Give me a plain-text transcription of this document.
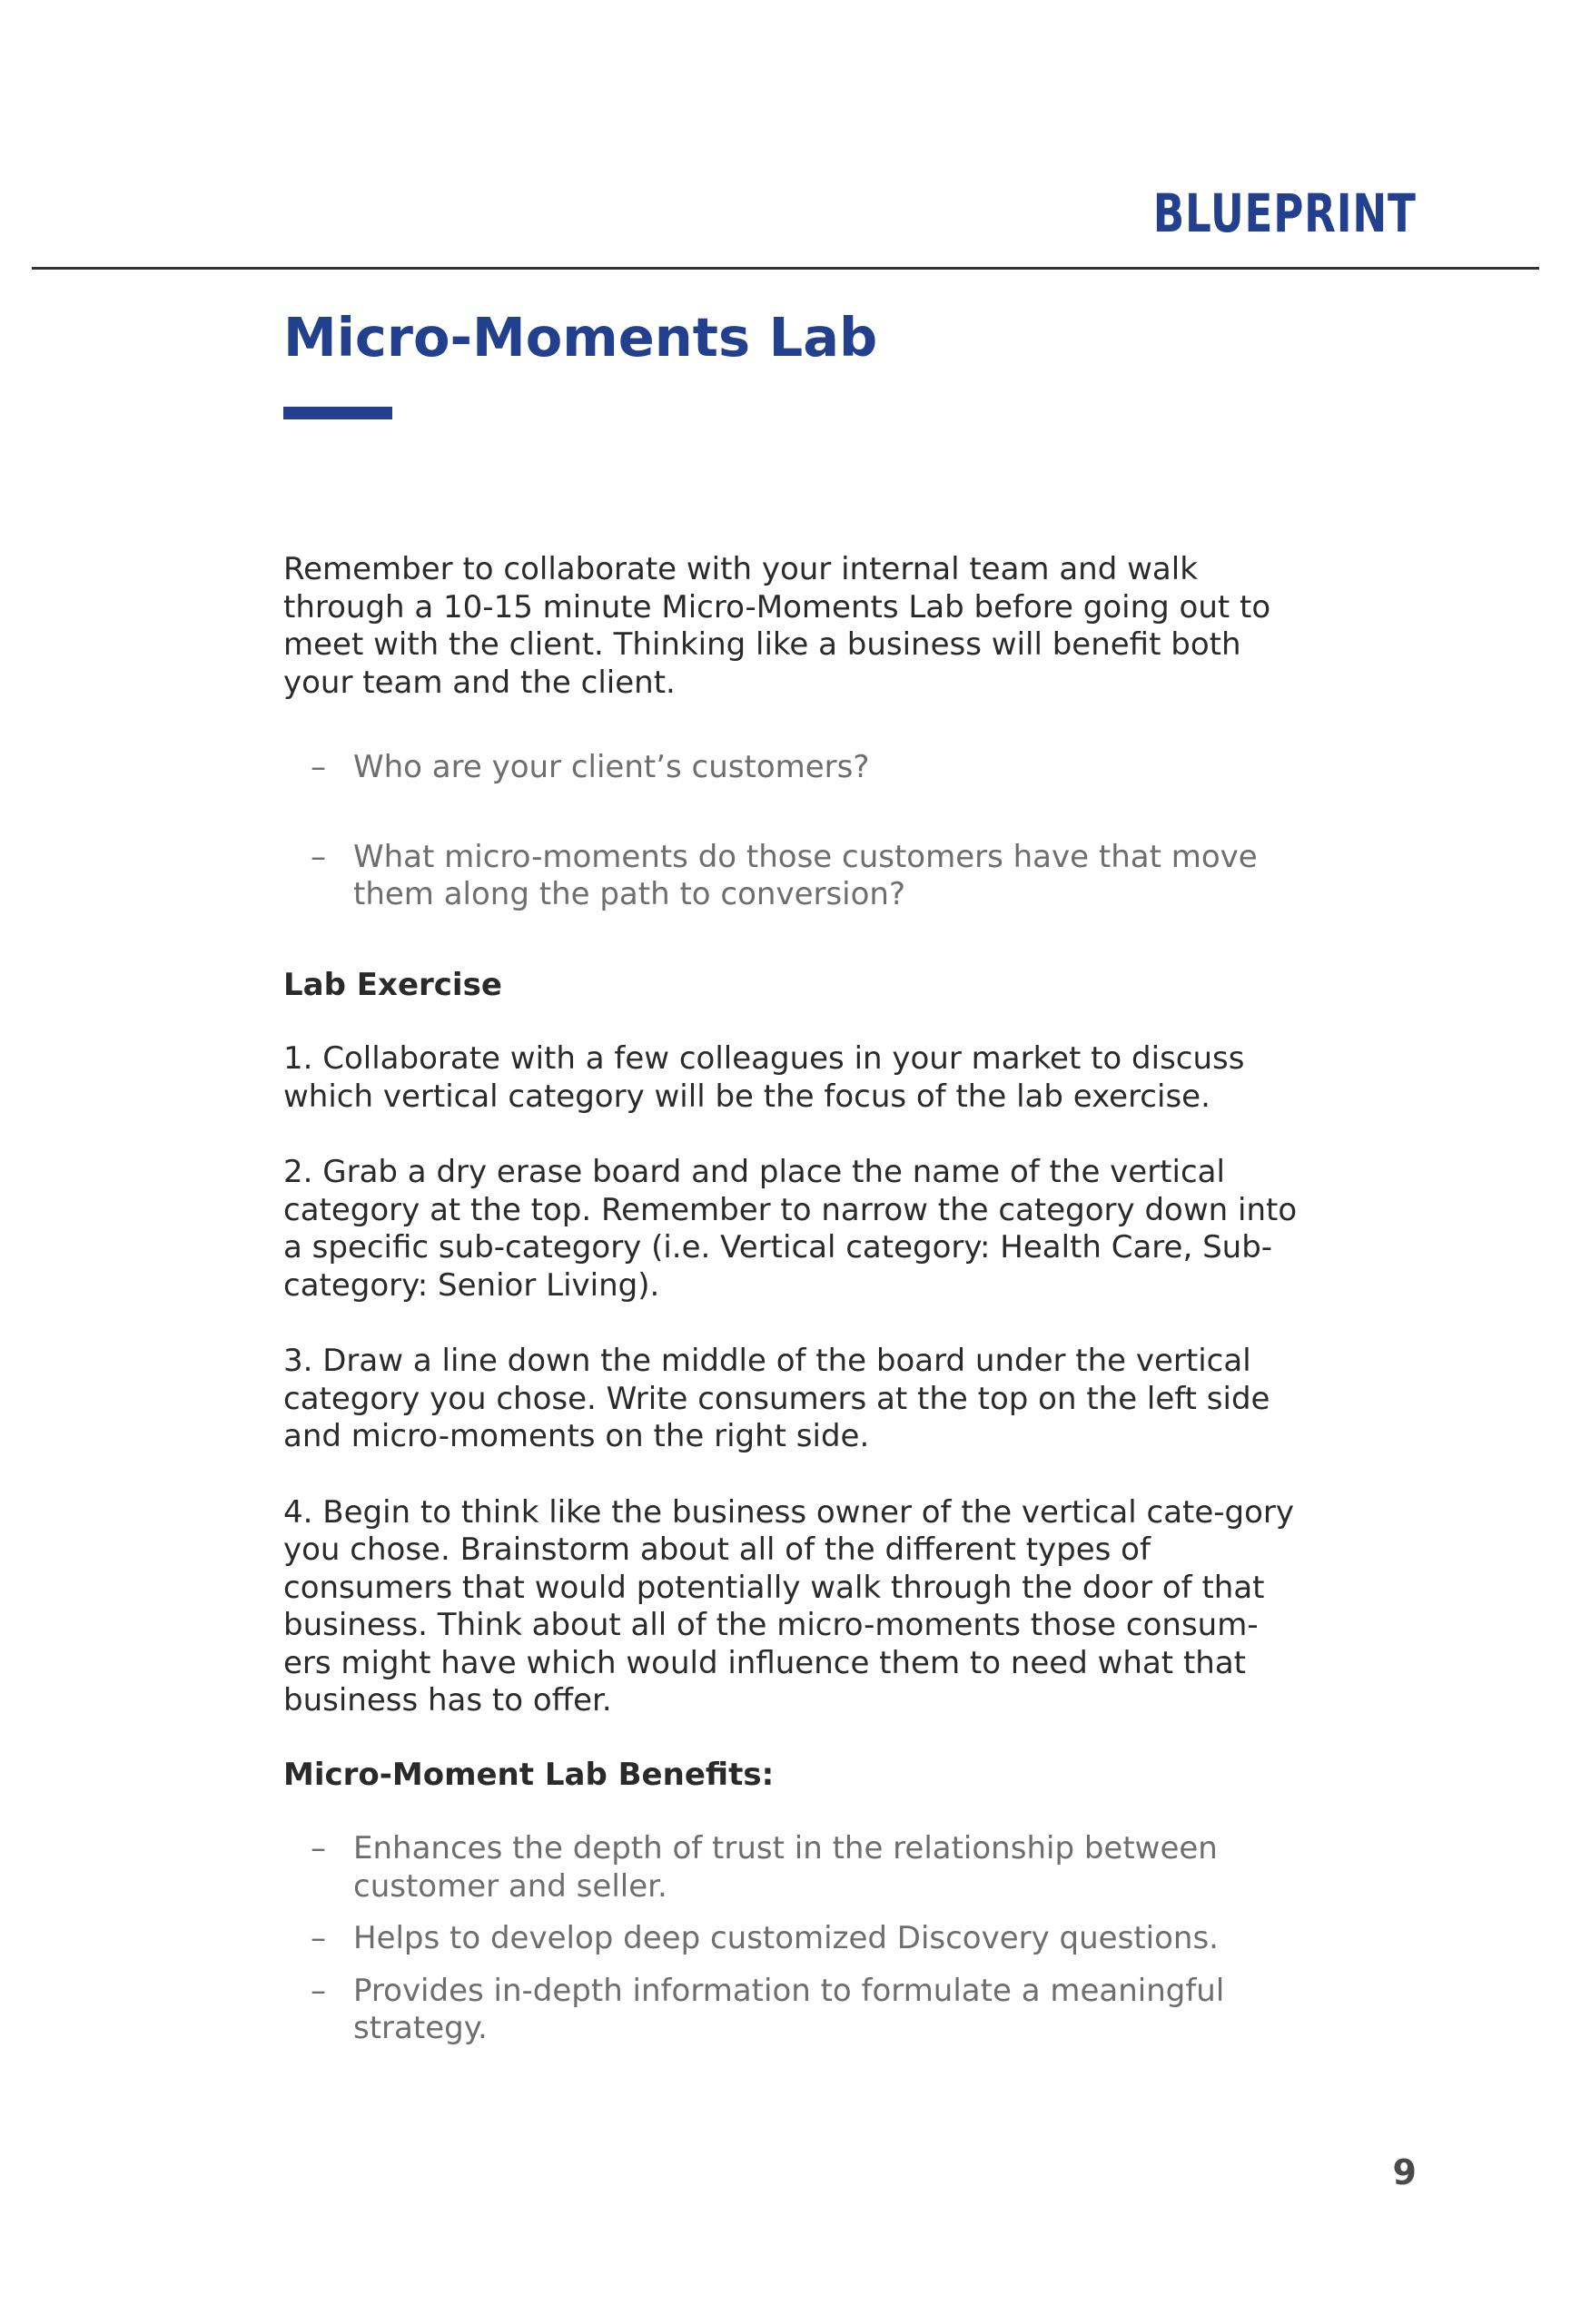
BLUEPRINT
Micro-Moments Lab

Remember to collaborate with your internal team and walk through a 10-15 minute Micro-Moments Lab before going out to meet with the client. Thinking like a business will benefit both your team and the client.

– Who are your client’s customers?
– What micro-moments do those customers have that move them along the path to conversion?

Lab Exercise

1. Collaborate with a few colleagues in your market to discuss which vertical category will be the focus of the lab exercise.

2. Grab a dry erase board and place the name of the vertical category at the top. Remember to narrow the category down into a specific sub-category (i.e. Vertical category: Health Care, Sub-category: Senior Living).

3. Draw a line down the middle of the board under the vertical category you chose. Write consumers at the top on the left side and micro-moments on the right side.

4. Begin to think like the business owner of the vertical cate-gory you chose. Brainstorm about all of the different types of consumers that would potentially walk through the door of that business. Think about all of the micro-moments those consum-ers might have which would influence them to need what that business has to offer.

Micro-Moment Lab Benefits:

– Enhances the depth of trust in the relationship between customer and seller.
– Helps to develop deep customized Discovery questions.
– Provides in-depth information to formulate a meaningful strategy.
9
